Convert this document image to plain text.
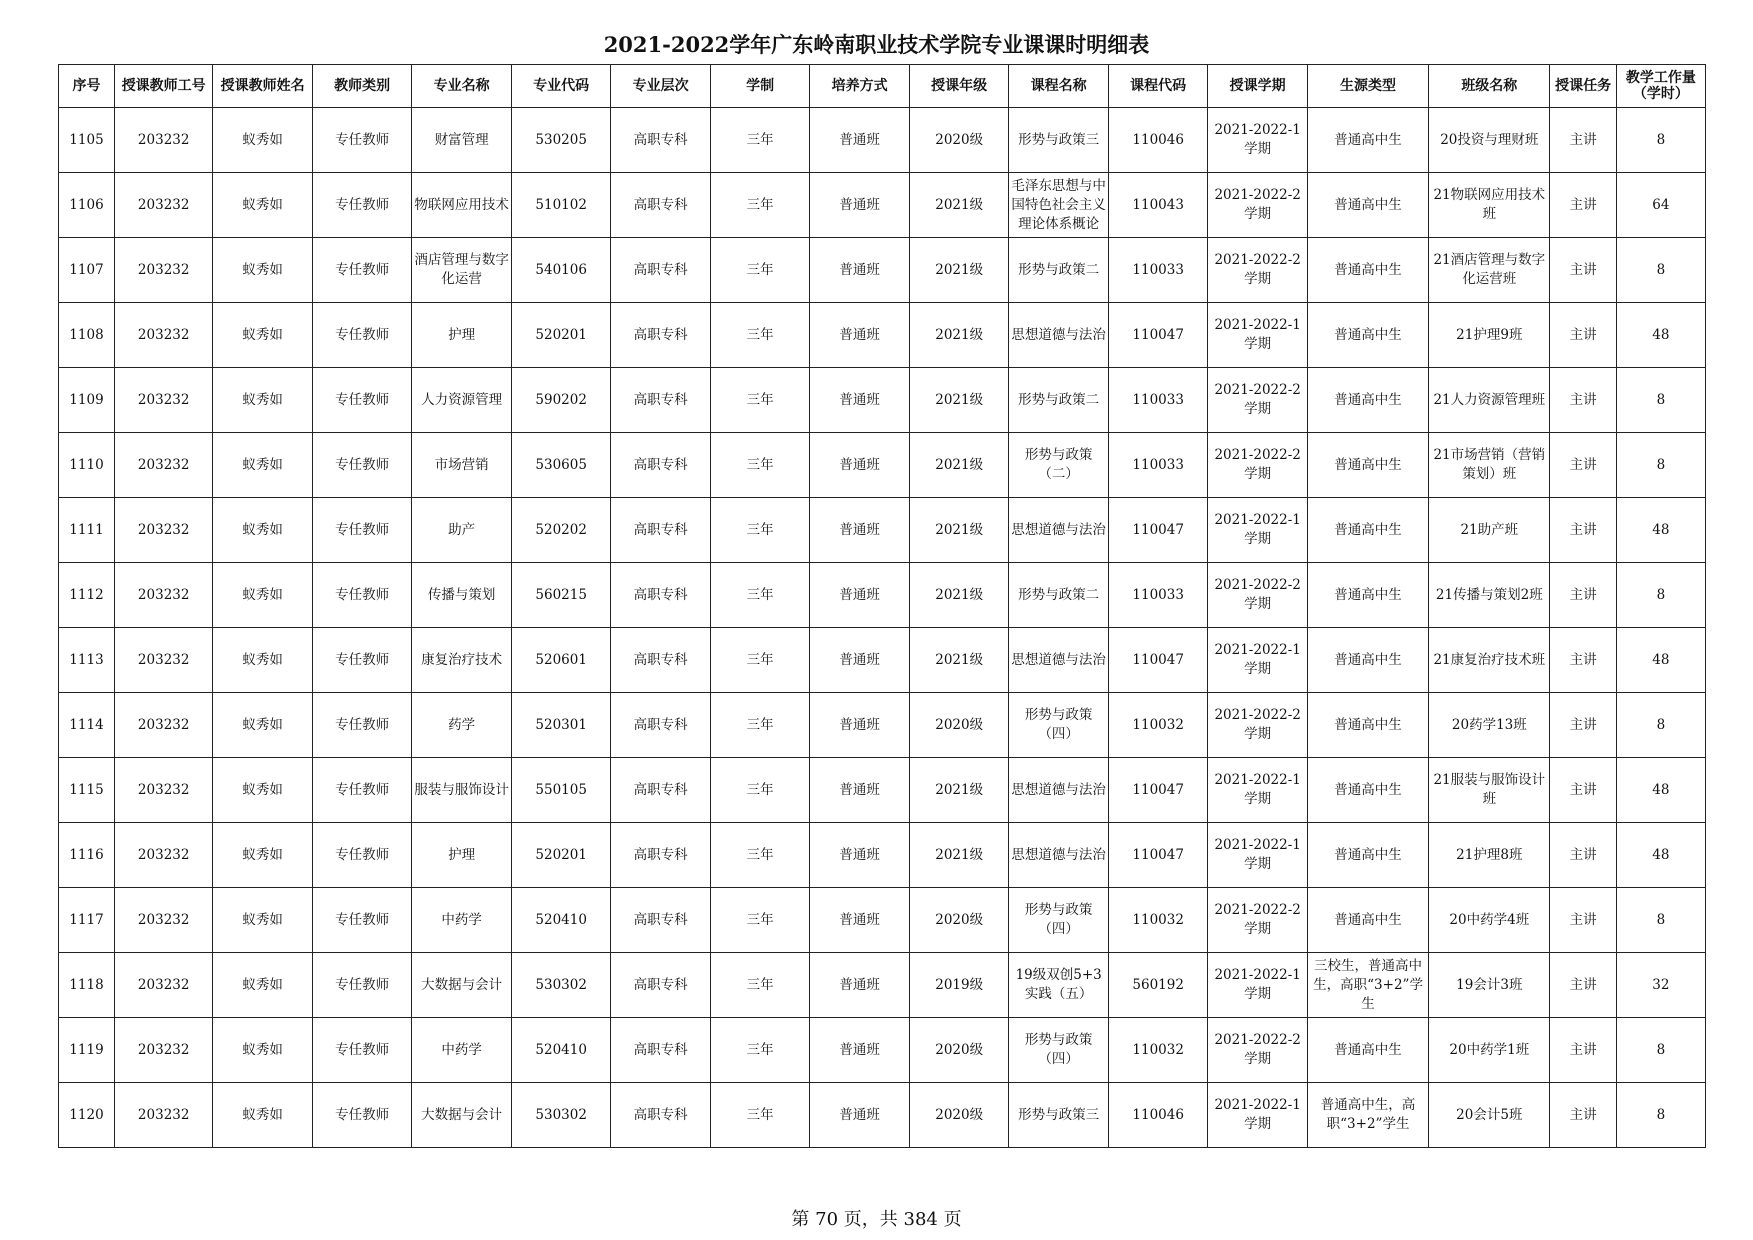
2021-2022学年广东岭南职业技术学院专业课课时明细表
序号	授课教师工号	授课教师姓名	教师类别	专业名称	专业代码	专业层次	学制	培养方式	授课年级	课程名称	课程代码	授课学期	生源类型	班级名称	授课任务	教学工作量（学时）

1105	203232	蚁秀如	专任教师	财富管理	530205	高职专科	三年	普通班	2020级	形势与政策三	110046	2021-2022-1学期	普通高中生	20投资与理财班	主讲	8

1106	203232	蚁秀如	专任教师	物联网应用技术	510102	高职专科	三年	普通班	2021级	毛泽东思想与中国特色社会主义理论体系概论	110043	2021-2022-2学期	普通高中生	21物联网应用技术班	主讲	64

1107	203232	蚁秀如	专任教师	酒店管理与数字化运营	540106	高职专科	三年	普通班	2021级	形势与政策二	110033	2021-2022-2学期	普通高中生	21酒店管理与数字化运营班	主讲	8

1108	203232	蚁秀如	专任教师	护理	520201	高职专科	三年	普通班	2021级	思想道德与法治	110047	2021-2022-1学期	普通高中生	21护理9班	主讲	48

1109	203232	蚁秀如	专任教师	人力资源管理	590202	高职专科	三年	普通班	2021级	形势与政策二	110033	2021-2022-2学期	普通高中生	21人力资源管理班	主讲	8

1110	203232	蚁秀如	专任教师	市场营销	530605	高职专科	三年	普通班	2021级	形势与政策（二）	110033	2021-2022-2学期	普通高中生	21市场营销（营销策划）班	主讲	8

1111	203232	蚁秀如	专任教师	助产	520202	高职专科	三年	普通班	2021级	思想道德与法治	110047	2021-2022-1学期	普通高中生	21助产班	主讲	48

1112	203232	蚁秀如	专任教师	传播与策划	560215	高职专科	三年	普通班	2021级	形势与政策二	110033	2021-2022-2学期	普通高中生	21传播与策划2班	主讲	8

1113	203232	蚁秀如	专任教师	康复治疗技术	520601	高职专科	三年	普通班	2021级	思想道德与法治	110047	2021-2022-1学期	普通高中生	21康复治疗技术班	主讲	48

1114	203232	蚁秀如	专任教师	药学	520301	高职专科	三年	普通班	2020级	形势与政策（四）	110032	2021-2022-2学期	普通高中生	20药学13班	主讲	8

1115	203232	蚁秀如	专任教师	服装与服饰设计	550105	高职专科	三年	普通班	2021级	思想道德与法治	110047	2021-2022-1学期	普通高中生	21服装与服饰设计班	主讲	48

1116	203232	蚁秀如	专任教师	护理	520201	高职专科	三年	普通班	2021级	思想道德与法治	110047	2021-2022-1学期	普通高中生	21护理8班	主讲	48

1117	203232	蚁秀如	专任教师	中药学	520410	高职专科	三年	普通班	2020级	形势与政策（四）	110032	2021-2022-2学期	普通高中生	20中药学4班	主讲	8

1118	203232	蚁秀如	专任教师	大数据与会计	530302	高职专科	三年	普通班	2019级	19级双创5+3实践（五）	560192	2021-2022-1学期	三校生，普通高中生，高职“3+2”学生	19会计3班	主讲	32

1119	203232	蚁秀如	专任教师	中药学	520410	高职专科	三年	普通班	2020级	形势与政策（四）	110032	2021-2022-2学期	普通高中生	20中药学1班	主讲	8

1120	203232	蚁秀如	专任教师	大数据与会计	530302	高职专科	三年	普通班	2020级	形势与政策三	110046	2021-2022-1学期	普通高中生，高职“3+2”学生	20会计5班	主讲	8
第 70 页，共 384 页
